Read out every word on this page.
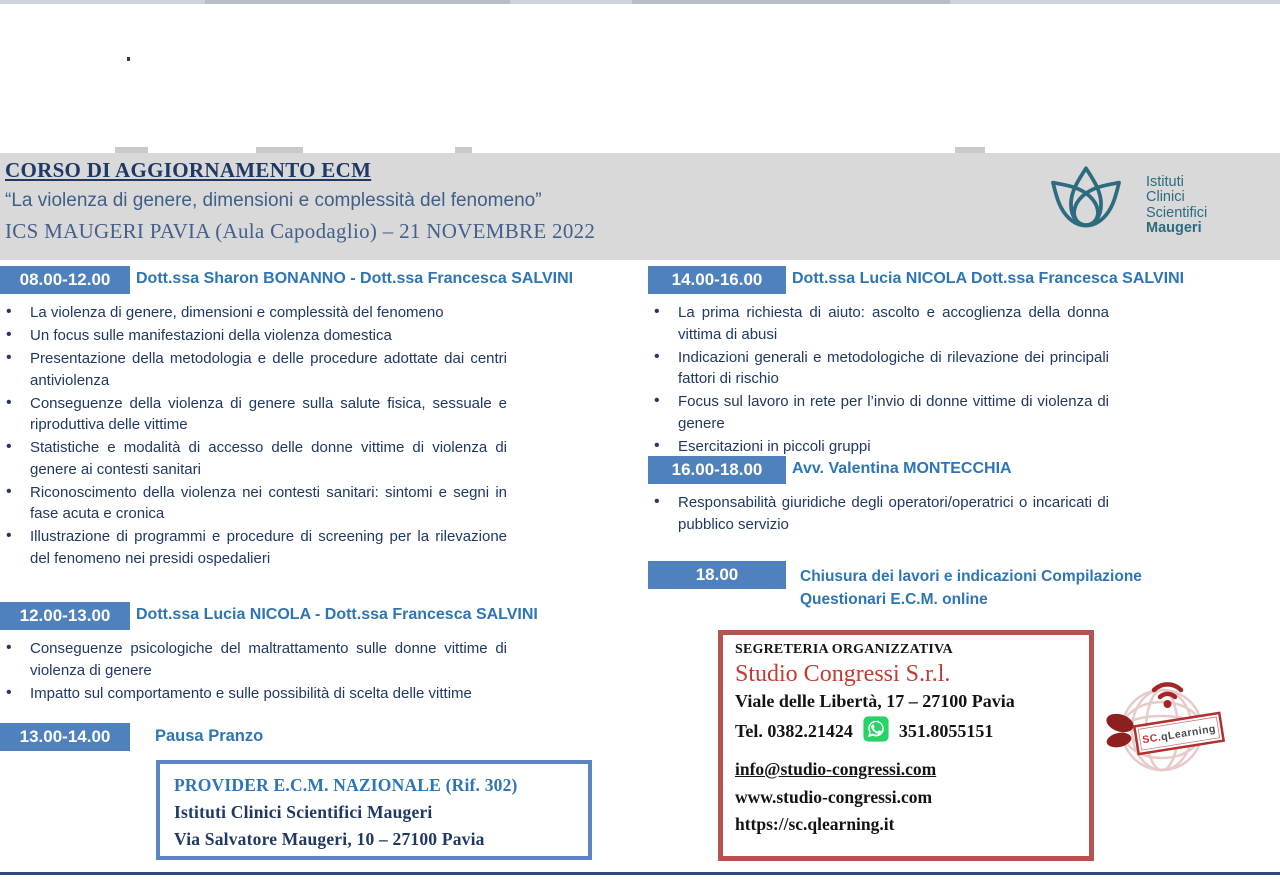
CORSO DI AGGIORNAMENTO ECM
“La violenza di genere, dimensioni e complessità del fenomeno”
ICS MAUGERI PAVIA (Aula Capodaglio) – 21 NOVEMBRE 2022
Istituti
Clinici
Scientifici
Maugeri
08.00-12.00	Dott.ssa Sharon BONANNO - Dott.ssa Francesca SALVINI
• La violenza di genere, dimensioni e complessità del fenomeno
• Un focus sulle manifestazioni della violenza domestica
• Presentazione della metodologia e delle procedure adottate dai centri antiviolenza
• Conseguenze della violenza di genere sulla salute fisica, sessuale e riproduttiva delle vittime
• Statistiche e modalità di accesso delle donne vittime di violenza di genere ai contesti sanitari
• Riconoscimento della violenza nei contesti sanitari: sintomi e segni in fase acuta e cronica
• Illustrazione di programmi e procedure di screening per la rilevazione del fenomeno nei presidi ospedalieri
12.00-13.00	Dott.ssa Lucia NICOLA - Dott.ssa Francesca SALVINI
• Conseguenze psicologiche del maltrattamento sulle donne vittime di violenza di genere
• Impatto sul comportamento e sulle possibilità di scelta delle vittime
13.00-14.00	Pausa Pranzo
14.00-16.00	Dott.ssa Lucia NICOLA Dott.ssa Francesca SALVINI
• La prima richiesta di aiuto: ascolto e accoglienza della donna vittima di abusi
• Indicazioni generali e metodologiche di rilevazione dei principali fattori di rischio
• Focus sul lavoro in rete per l’invio di donne vittime di violenza di genere
• Esercitazioni in piccoli gruppi
16.00-18.00	Avv. Valentina MONTECCHIA
• Responsabilità giuridiche degli operatori/operatrici o incaricati di pubblico servizio
18.00	Chiusura dei lavori e indicazioni Compilazione Questionari E.C.M. online
PROVIDER E.C.M. NAZIONALE (Rif. 302)
Istituti Clinici Scientifici Maugeri
Via Salvatore Maugeri, 10 – 27100 Pavia
SEGRETERIA ORGANIZZATIVA
Studio Congressi S.r.l.
Viale delle Libertà, 17 – 27100 Pavia
Tel. 0382.21424	351.8055151
info@studio-congressi.com
www.studio-congressi.com
https://sc.qlearning.it
SC.qLearning
